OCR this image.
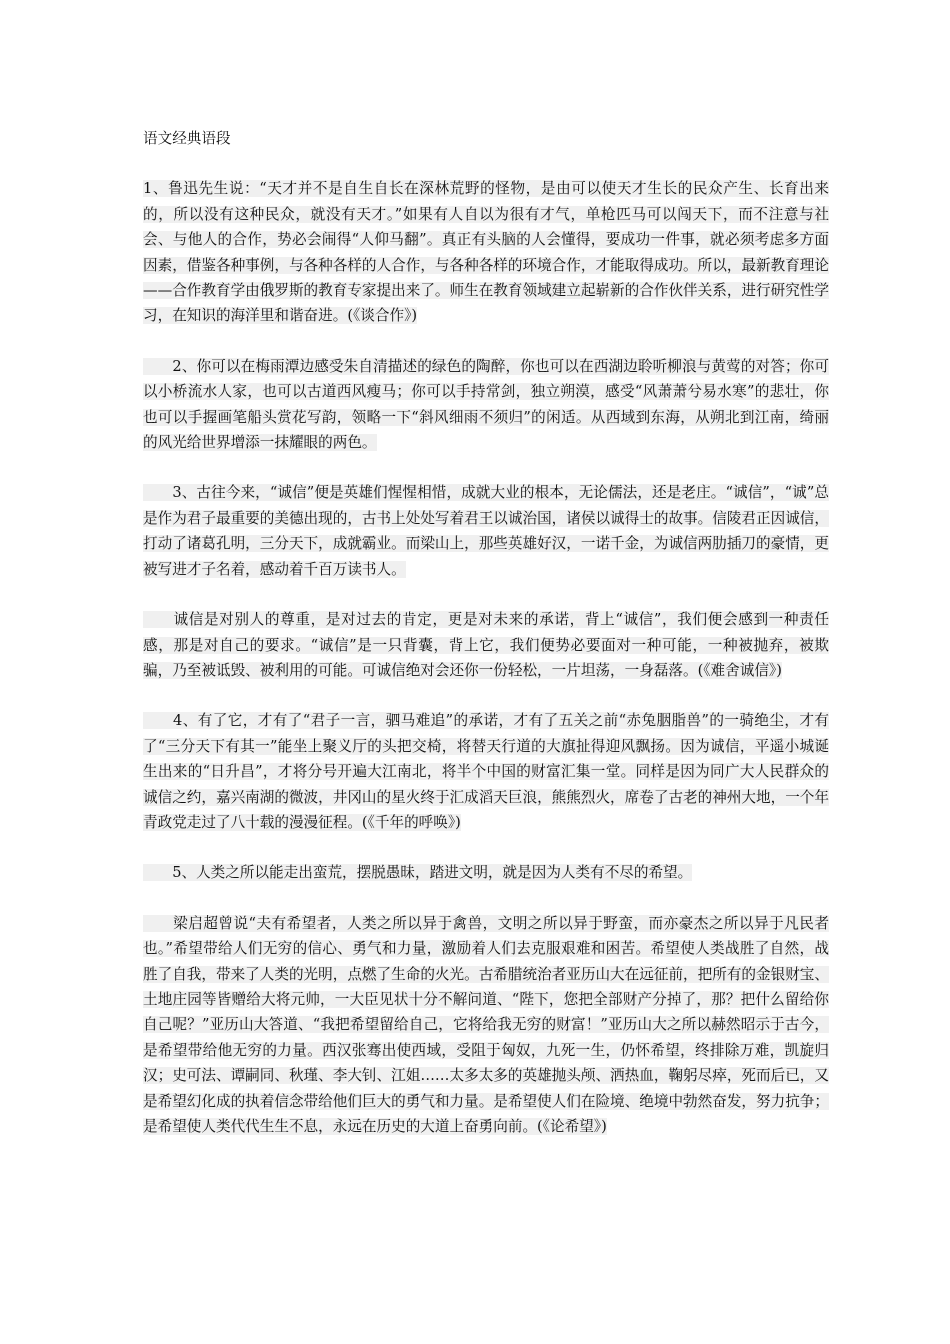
语文经典语段

1、鲁迅先生说：“天才并不是自生自长在深林荒野的怪物，是由可以使天才生长的民众产生、长育出来的，所以没有这种民众，就没有天才。”如果有人自以为很有才气，单枪匹马可以闯天下，而不注意与社会、与他人的合作，势必会闹得“人仰马翻”。真正有头脑的人会懂得，要成功一件事，就必须考虑多方面因素，借鉴各种事例，与各种各样的人合作，与各种各样的环境合作，才能取得成功。所以，最新教育理论——合作教育学由俄罗斯的教育专家提出来了。师生在教育领域建立起崭新的合作伙伴关系，进行研究性学习，在知识的海洋里和谐奋进。(《谈合作》)

　　2、你可以在梅雨潭边感受朱自清描述的绿色的陶醉，你也可以在西湖边聆听柳浪与黄莺的对答；你可以小桥流水人家，也可以古道西风瘦马；你可以手持常剑，独立朔漠，感受“风萧萧兮易水寒”的悲壮，你也可以手握画笔船头赏花写韵，领略一下“斜风细雨不须归”的闲适。从西域到东海，从朔北到江南，绮丽的风光给世界增添一抹耀眼的两色。

　　3、古往今来，“诚信”便是英雄们惺惺相惜，成就大业的根本，无论儒法，还是老庄。“诚信”，“诚”总是作为君子最重要的美德出现的，古书上处处写着君王以诚治国，诸侯以诚得士的故事。信陵君正因诚信，打动了诸葛孔明，三分天下，成就霸业。而梁山上，那些英雄好汉，一诺千金，为诚信两肋插刀的豪情，更被写进才子名着，感动着千百万读书人。

　　诚信是对别人的尊重，是对过去的肯定，更是对未来的承诺，背上“诚信”，我们便会感到一种责任感，那是对自己的要求。“诚信”是一只背囊，背上它，我们便势必要面对一种可能，一种被抛弃，被欺骗，乃至被诋毁、被利用的可能。可诚信绝对会还你一份轻松，一片坦荡，一身磊落。(《难舍诚信》)

　　4、有了它，才有了“君子一言，驷马难追”的承诺，才有了五关之前“赤兔胭脂兽”的一骑绝尘，才有了“三分天下有其一”能坐上聚义厅的头把交椅，将替天行道的大旗扯得迎风飘扬。因为诚信，平遥小城诞生出来的“日升昌”，才将分号开遍大江南北，将半个中国的财富汇集一堂。同样是因为同广大人民群众的诚信之约，嘉兴南湖的微波，井冈山的星火终于汇成滔天巨浪，熊熊烈火，席卷了古老的神州大地，一个年青政党走过了八十载的漫漫征程。(《千年的呼唤》)

　　5、人类之所以能走出蛮荒，摆脱愚昧，踏进文明，就是因为人类有不尽的希望。

　　梁启超曾说“夫有希望者，人类之所以异于禽兽，文明之所以异于野蛮，而亦豪杰之所以异于凡民者也。”希望带给人们无穷的信心、勇气和力量，激励着人们去克服艰难和困苦。希望使人类战胜了自然，战胜了自我，带来了人类的光明，点燃了生命的火光。古希腊统治者亚历山大在远征前，把所有的金银财宝、土地庄园等皆赠给大将元帅，一大臣见状十分不解问道、“陛下，您把全部财产分掉了，那？把什么留给你自己呢？”亚历山大答道、“我把希望留给自己，它将给我无穷的财富！”亚历山大之所以赫然昭示于古今，是希望带给他无穷的力量。西汉张骞出使西域，受阻于匈奴，九死一生，仍怀希望，终排除万难，凯旋归汉；史可法、谭嗣同、秋瑾、李大钊、江姐……太多太多的英雄抛头颅、洒热血，鞠躬尽瘁，死而后已，又是希望幻化成的执着信念带给他们巨大的勇气和力量。是希望使人们在险境、绝境中勃然奋发，努力抗争；是希望使人类代代生生不息，永远在历史的大道上奋勇向前。(《论希望》)
